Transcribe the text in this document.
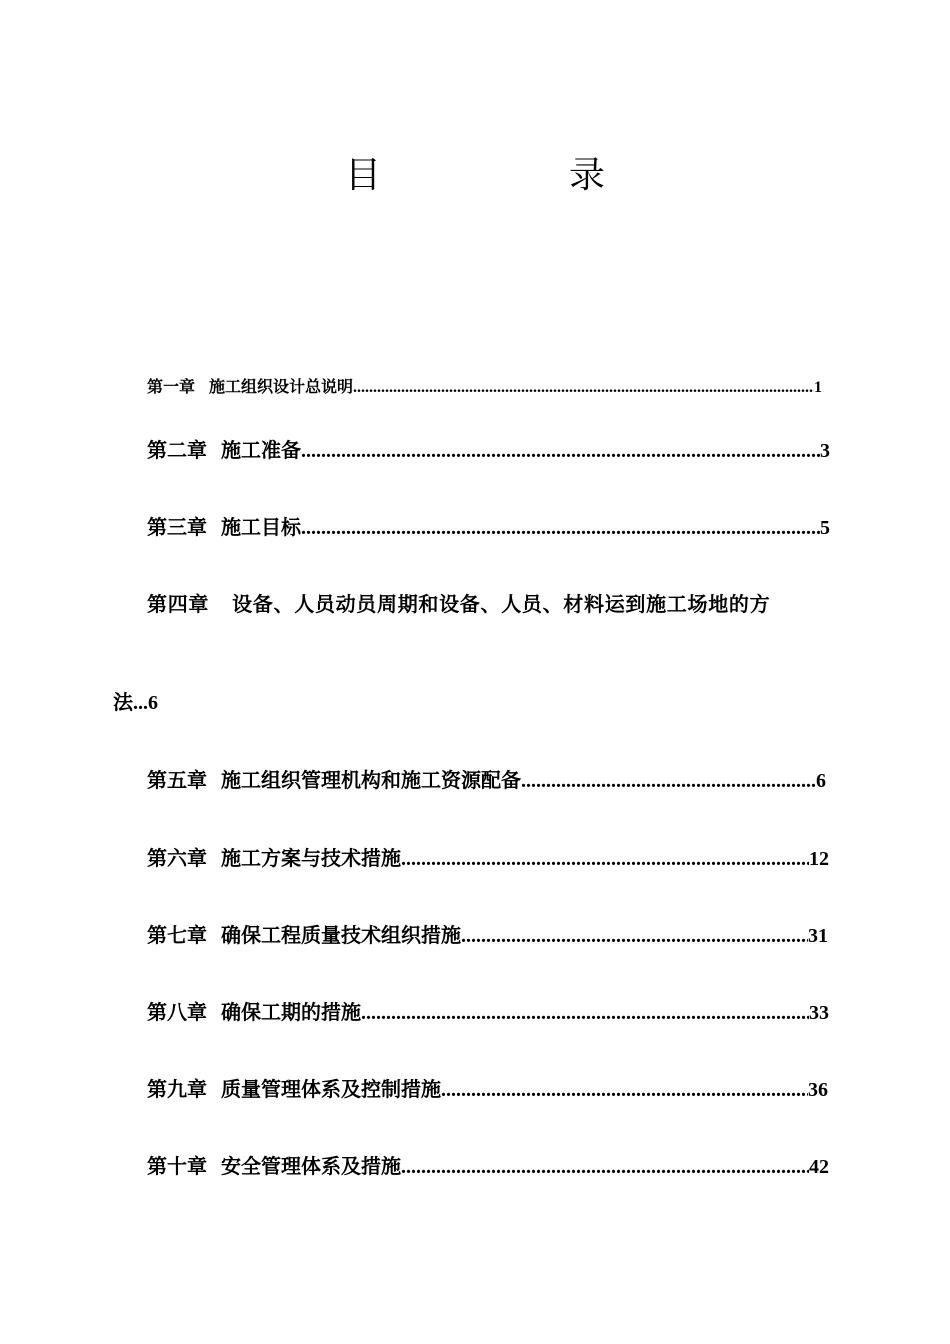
目　录
第一章 施工组织设计总说明 .....	1
第二章 施工准备 .....	3
第三章 施工目标 .....	5
第四章 设备、人员动员周期和设备、人员、材料运到施工场地的方
法...6
第五章 施工组织管理机构和施工资源配备 .....	6
第六章 施工方案与技术措施 .....	12
第七章 确保工程质量技术组织措施 .....	31
第八章 确保工期的措施 .....	33
第九章 质量管理体系及控制措施 .....	36
第十章 安全管理体系及措施 .....	42
